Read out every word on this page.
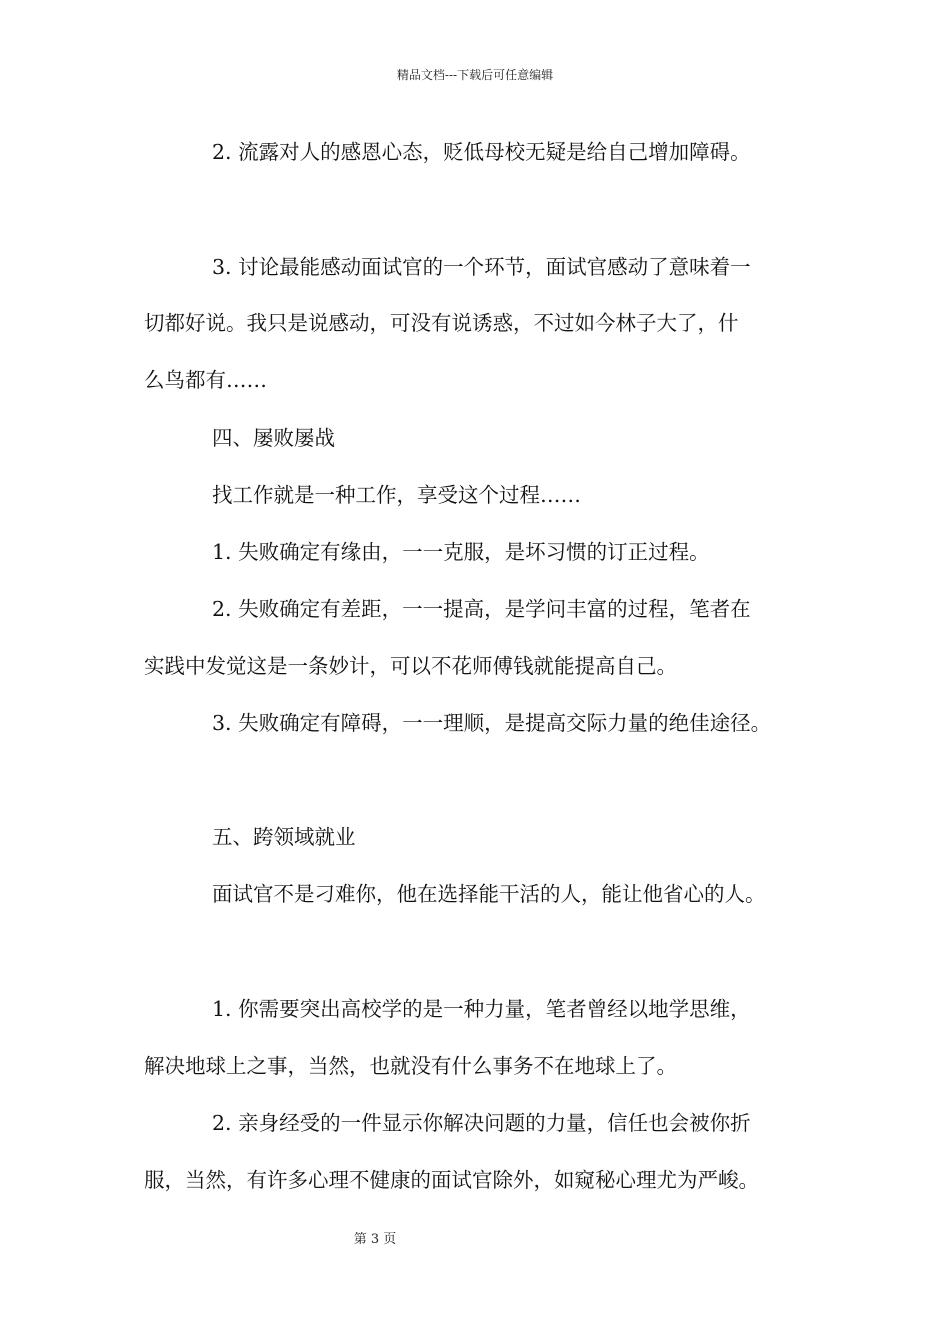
精品文档---下载后可任意编辑
2. 流露对人的感恩心态，贬低母校无疑是给自己增加障碍。
3. 讨论最能感动面试官的一个环节，面试官感动了意味着一
切都好说。我只是说感动，可没有说诱惑，不过如今林子大了，什
么鸟都有……
四、屡败屡战
找工作就是一种工作，享受这个过程……
1. 失败确定有缘由，一一克服，是坏习惯的订正过程。
2. 失败确定有差距，一一提高，是学问丰富的过程，笔者在
实践中发觉这是一条妙计，可以不花师傅钱就能提高自己。
3. 失败确定有障碍，一一理顺，是提高交际力量的绝佳途径。
五、跨领域就业
面试官不是刁难你，他在选择能干活的人，能让他省心的人。
1. 你需要突出高校学的是一种力量，笔者曾经以地学思维，
解决地球上之事，当然，也就没有什么事务不在地球上了。
2. 亲身经受的一件显示你解决问题的力量，信任也会被你折
服，当然，有许多心理不健康的面试官除外，如窥秘心理尤为严峻。
第 3 页
